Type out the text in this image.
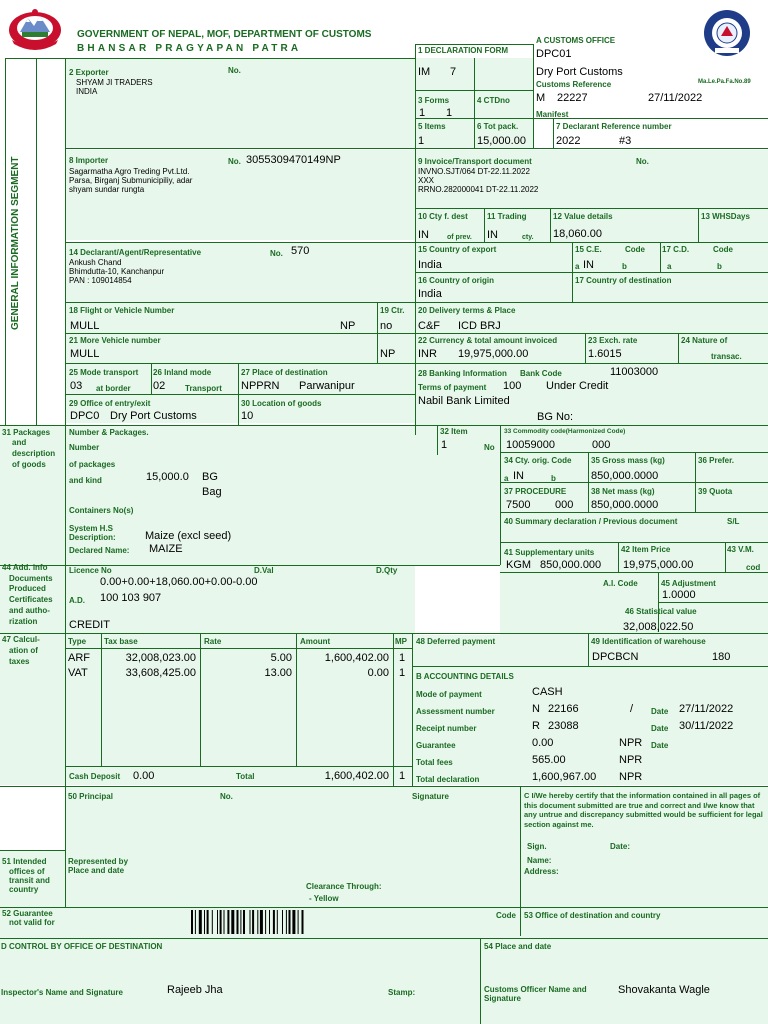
GOVERNMENT OF NEPAL, MOF, DEPARTMENT OF CUSTOMS
BHANSAR PRAGYAPAN PATRA
Ma.Le.Pa.Fa.No.89
GENERAL INFORMATION SEGMENT
31 Packages
and
description
of goods
44 Add. info
Documents
Produced
Certificates
and autho-
rization
47 Calcul-
ation of
taxes
51 Intended
offices of
transit and
country
52 Guarantee
not valid for
A CUSTOMS OFFICE
DPC01
1 DECLARATION FORM
IM 7	Dry Port Customs
Customs Reference
M 22227	27/11/2022
Manifest
3 Forms
1 1
4 CTDno
5 Items
1
6 Tot pack.
15,000.00
7 Declarant Reference number
2022	#3
2 Exporter	No.
SHYAM JI TRADERS
INDIA
8 Importer	No. 3055309470149NP
Sagarmatha Agro Treding Pvt.Ltd.
Parsa, Birganj Submunicipiliy, adar
shyam sundar rungta
9 Invoice/Transport document	No.
INVNO.SJT/064 DT-22.11.2022
XXX
RRNO.282000041 DT-22.11.2022
10 Cty f. dest
IN	of prev.
11 Trading
IN	cty.
12 Value details
18,060.00
13 WHSDays
14 Declarant/Agent/Representative	No. 570
Ankush Chand
Bhimdutta-10, Kanchanpur
PAN : 109014854
15 Country of export
India
15 C.E.	Code
a IN	b
17 C.D.	Code
a	b
16 Country of origin
India
17 Country of destination
18 Flight or Vehicle Number
MULL	NP
19 Ctr.
no
20 Delivery terms & Place
C&F ICD BRJ
21 More Vehicle number
MULL	NP
22 Currency & total amount invoiced
INR 19,975,000.00
23 Exch. rate
1.6015
24 Nature of
transac.
25 Mode transport
03 at border
26 Inland mode
02 Transport
27 Place of destination
NPPRN Parwanipur
28 Banking Information Bank Code	11003000
Terms of payment 100 Under Credit
Nabil Bank Limited
BG No:
29 Office of entry/exit
DPC0 Dry Port Customs
30 Location of goods
10
Number & Packages.
Number
of packages
and kind	15,000.0 BG
Bag
Containers No(s)
System H.S
Description:	Maize (excl seed)
Declared Name: MAIZE
32 Item
1	No
33 Commodity code(Harmonized Code)
10059000	000
34 Cty. orig. Code
a IN	b
35 Gross mass (kg)
850,000.0000
36 Prefer.
37 PROCEDURE
7500 000
38 Net mass (kg)
850,000.0000
39 Quota
40 Summary declaration / Previous document	S/L
41 Supplementary units
KGM 850,000.000
42 Item Price
19,975,000.00
43 V.M.
cod
Licence No	D.Val	D.Qty
0.00+0.00+18,060.00+0.00-0.00
A.D. 100 103 907
A.I. Code
CREDIT
45 Adjustment
1.0000
46 Statistical value
32,008,022.50
Type Tax base	Rate	Amount	MP
ARF	32,008,023.00	5.00	1,600,402.00 1
VAT	33,608,425.00	13.00	0.00 1
Cash Deposit 0.00	Total	1,600,402.00 1
48 Deferred payment	49 Identification of warehouse
DPCBCN	180
B ACCOUNTING DETAILS
Mode of payment	CASH
Assessment number	N 22166	/ Date 27/11/2022
Receipt number	R 23088	Date 30/11/2022
Guarantee	0.00	NPR Date
Total fees	565.00	NPR
Total declaration	1,600,967.00 NPR
50 Principal	No.	Signature
Represented by
Place and date
C I/We hereby certify that the information contained in all pages of this document submitted are true and correct and I/we know that any untrue and discrepancy submitted would be sufficient for legal section against me.
Sign.	Date:
Name:
Address:
Clearance Through:
- Yellow
Code 53 Office of destination and country
D CONTROL BY OFFICE OF DESTINATION
Inspector's Name and Signature	Rajeeb Jha	Stamp:
54 Place and date
Customs Officer Name and
Signature
Shovakanta Wagle
